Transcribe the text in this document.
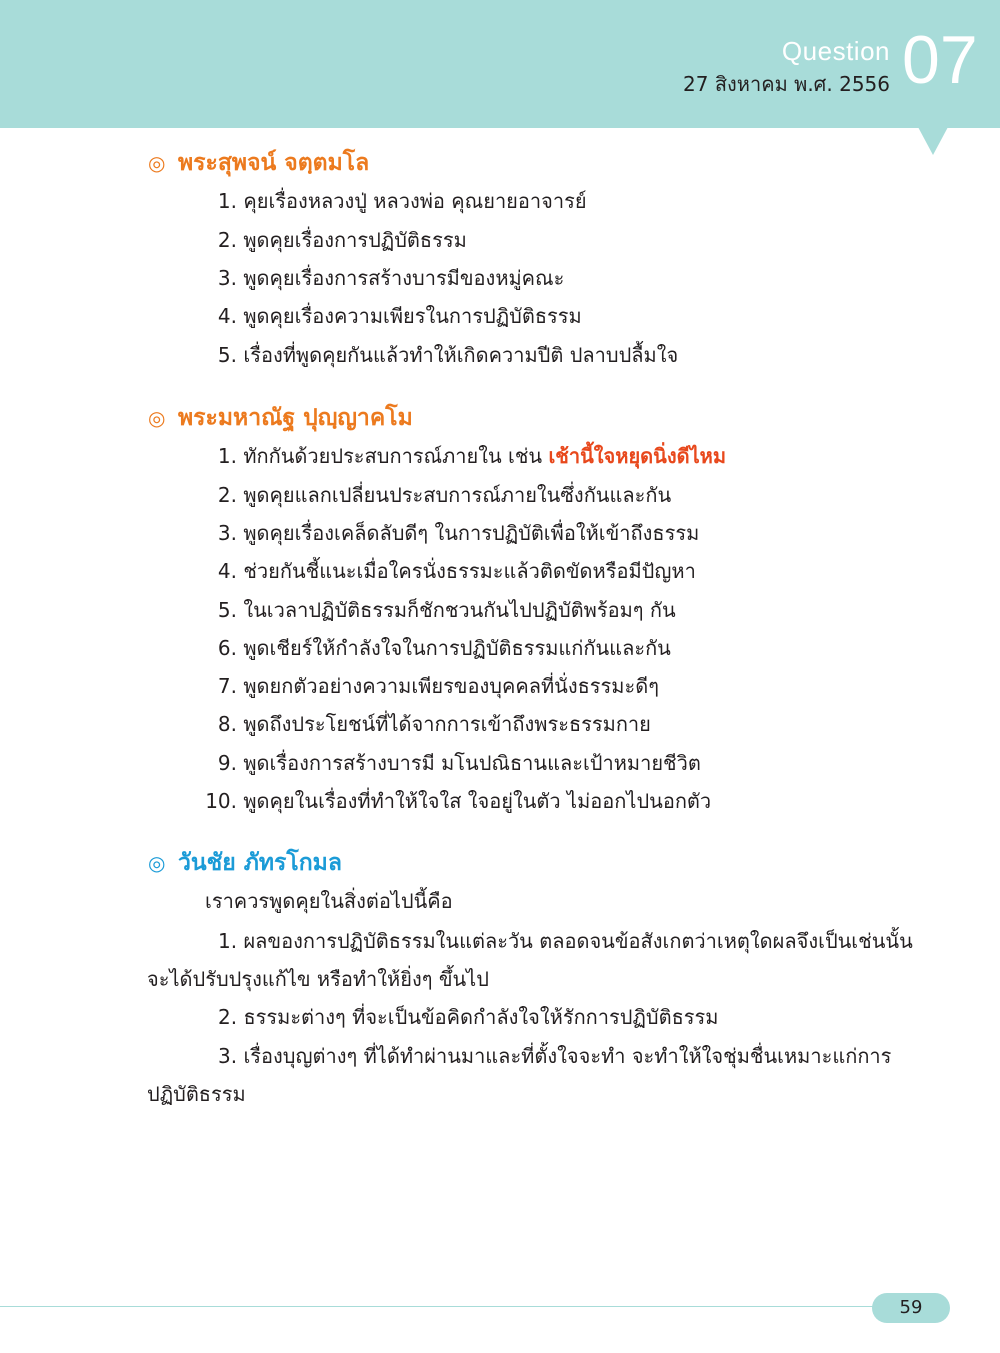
Question
27 สิงหาคม พ.ศ. 2556 07
◎ พระสุพจน์ จตฺตมโล
1. คุยเรื่องหลวงปู่ หลวงพ่อ คุณยายอาจารย์
2. พูดคุยเรื่องการปฏิบัติธรรม
3. พูดคุยเรื่องการสร้างบารมีของหมู่คณะ
4. พูดคุยเรื่องความเพียรในการปฏิบัติธรรม
5. เรื่องที่พูดคุยกันแล้วทำให้เกิดความปีติ ปลาบปลื้มใจ
◎ พระมหาณัฐ ปุญฺญาคโม
1. ทักกันด้วยประสบการณ์ภายใน เช่น เช้านี้ใจหยุดนิ่งดีไหม
2. พูดคุยแลกเปลี่ยนประสบการณ์ภายในซึ่งกันและกัน
3. พูดคุยเรื่องเคล็ดลับดีๆ ในการปฏิบัติเพื่อให้เข้าถึงธรรม
4. ช่วยกันชี้แนะเมื่อใครนั่งธรรมะแล้วติดขัดหรือมีปัญหา
5. ในเวลาปฏิบัติธรรมก็ชักชวนกันไปปฏิบัติพร้อมๆ กัน
6. พูดเชียร์ให้กำลังใจในการปฏิบัติธรรมแก่กันและกัน
7. พูดยกตัวอย่างความเพียรของบุคคลที่นั่งธรรมะดีๆ
8. พูดถึงประโยชน์ที่ได้จากการเข้าถึงพระธรรมกาย
9. พูดเรื่องการสร้างบารมี มโนปณิธานและเป้าหมายชีวิต
10. พูดคุยในเรื่องที่ทำให้ใจใส ใจอยู่ในตัว ไม่ออกไปนอกตัว
◎ วันชัย ภัทรโกมล
เราควรพูดคุยในสิ่งต่อไปนี้คือ
1. ผลของการปฏิบัติธรรมในแต่ละวัน ตลอดจนข้อสังเกตว่าเหตุใดผลจึงเป็นเช่นนั้น
จะได้ปรับปรุงแก้ไข หรือทำให้ยิ่งๆ ขึ้นไป
2. ธรรมะต่างๆ ที่จะเป็นข้อคิดกำลังใจให้รักการปฏิบัติธรรม
3. เรื่องบุญต่างๆ ที่ได้ทำผ่านมาและที่ตั้งใจจะทำ จะทำให้ใจชุ่มชื่นเหมาะแก่การ
ปฏิบัติธรรม
59
